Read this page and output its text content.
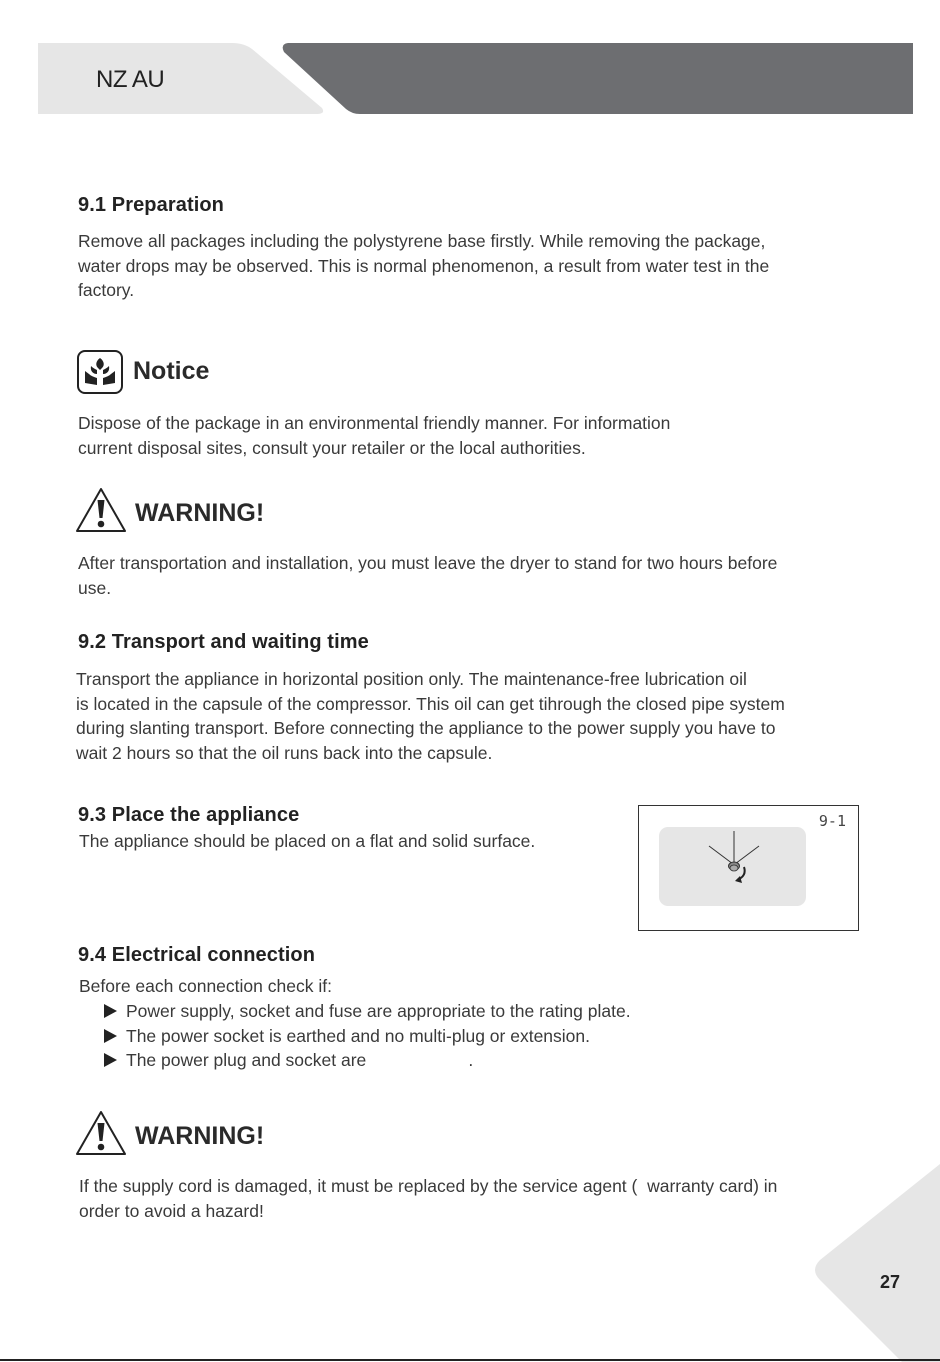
NZ AU
9.1 Preparation
Remove all packages including the polystyrene base firstly. While removing the package,
water drops may be observed. This is normal phenomenon, a result from water test in the
factory.
Notice
Dispose of the package in an environmental friendly manner. For information
current disposal sites, consult your retailer or the local authorities.
WARNING!
After transportation and installation, you must leave the dryer to stand for two hours before
use.
9.2 Transport and waiting time
Transport the appliance in horizontal position only. The maintenance-free lubrication oil
is located in the capsule of the compressor. This oil can get tihrough the closed pipe system
during slanting transport. Before connecting the appliance to the power supply you have to
wait 2 hours so that the oil runs back into the capsule.
9.3 Place the appliance
The appliance should be placed on a flat and solid surface.
9-1
9.4 Electrical connection
Before each connection check if:
Power supply, socket and fuse are appropriate to the rating plate.
The power socket is earthed and no multi-plug or extension.
The power plug and socket are                     .
WARNING!
If the supply cord is damaged, it must be replaced by the service agent (  warranty card) in
order to avoid a hazard!
27
